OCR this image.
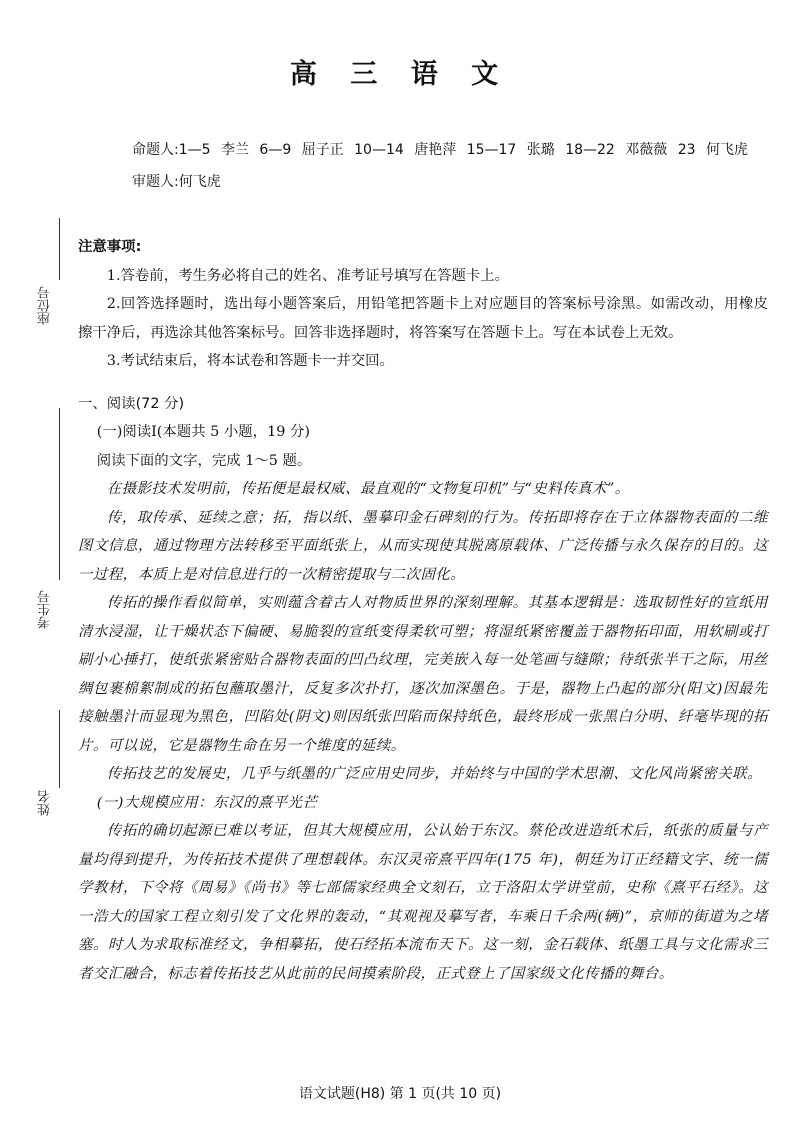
高 三 语 文
命题人:1—5 李兰 6—9 屈子正 10—14 唐艳萍 15—17 张璐 18—22 邓薇薇 23 何飞虎
审题人:何飞虎
座位号
考生号
姓名

注意事项:

1.答卷前，考生务必将自己的姓名、准考证号填写在答题卡上。

2.回答选择题时，选出每小题答案后，用铅笔把答题卡上对应题目的答案标号涂黑。如需改动，用橡皮擦干净后，再选涂其他答案标号。回答非选择题时，将答案写在答题卡上。写在本试卷上无效。

3.考试结束后，将本试卷和答题卡一并交回。

一、阅读(72 分)

(一)阅读Ⅰ(本题共 5 小题，19 分)

阅读下面的文字，完成 1～5 题。

在摄影技术发明前，传拓便是最权威、最直观的“文物复印机”与“史料传真术”。

传，取传承、延续之意；拓，指以纸、墨摹印金石碑刻的行为。传拓即将存在于立体器物表面的二维图文信息，通过物理方法转移至平面纸张上，从而实现使其脱离原载体、广泛传播与永久保存的目的。这一过程，本质上是对信息进行的一次精密提取与二次固化。

传拓的操作看似简单，实则蕴含着古人对物质世界的深刻理解。其基本逻辑是：选取韧性好的宣纸用清水浸湿，让干燥状态下偏硬、易脆裂的宣纸变得柔软可塑；将湿纸紧密覆盖于器物拓印面，用软刷或打刷小心捶打，使纸张紧密贴合器物表面的凹凸纹理，完美嵌入每一处笔画与缝隙；待纸张半干之际，用丝绸包裹棉絮制成的拓包蘸取墨汁，反复多次扑打，逐次加深墨色。于是，器物上凸起的部分(阳文)因最先接触墨汁而显现为黑色，凹陷处(阴文)则因纸张凹陷而保持纸色，最终形成一张黑白分明、纤毫毕现的拓片。可以说，它是器物生命在另一个维度的延续。

传拓技艺的发展史，几乎与纸墨的广泛应用史同步，并始终与中国的学术思潮、文化风尚紧密关联。

(一)大规模应用：东汉的熹平光芒

传拓的确切起源已难以考证，但其大规模应用，公认始于东汉。蔡伦改进造纸术后，纸张的质量与产量均得到提升，为传拓技术提供了理想载体。东汉灵帝熹平四年(175 年)，朝廷为订正经籍文字、统一儒学教材，下令将《周易》《尚书》等七部儒家经典全文刻石，立于洛阳太学讲堂前，史称《熹平石经》。这一浩大的国家工程立刻引发了文化界的轰动，“其观视及摹写者，车乘日千余两(辆)”，京师的街道为之堵塞。时人为求取标准经文，争相摹拓，使石经拓本流布天下。这一刻，金石载体、纸墨工具与文化需求三者交汇融合，标志着传拓技艺从此前的民间摸索阶段，正式登上了国家级文化传播的舞台。

语文试题(H8) 第 1 页(共 10 页)
